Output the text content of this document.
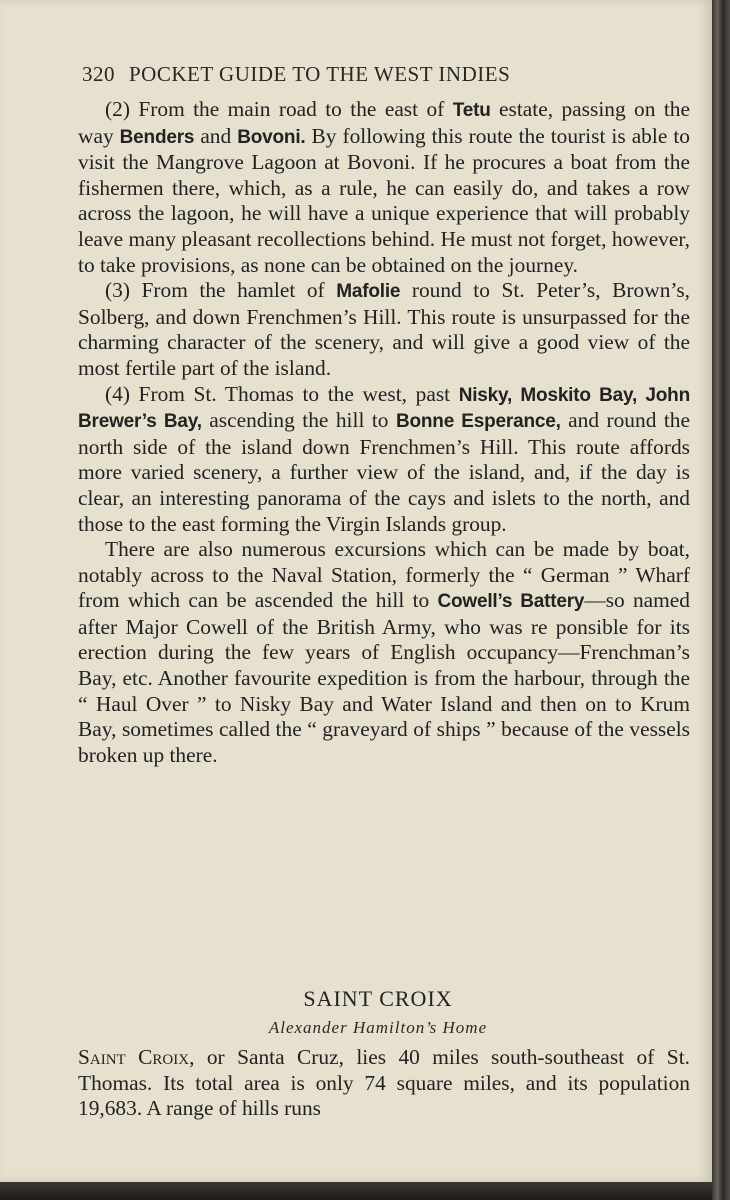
320 POCKET GUIDE TO THE WEST INDIES

(2) From the main road to the east of Tetu estate, passing on the way Benders and Bovoni. By following this route the tourist is able to visit the Mangrove Lagoon at Bovoni. If he procures a boat from the fishermen there, which, as a rule, he can easily do, and takes a row across the lagoon, he will have a unique experience that will probably leave many pleasant recollections behind. He must not forget, however, to take provisions, as none can be obtained on the journey.

(3) From the hamlet of Mafolie round to St. Peter’s, Brown’s, Solberg, and down Frenchmen’s Hill. This route is unsurpassed for the charming character of the scenery, and will give a good view of the most fertile part of the island.

(4) From St. Thomas to the west, past Nisky, Moskito Bay, John Brewer’s Bay, ascending the hill to Bonne Esperance, and round the north side of the island down Frenchmen’s Hill. This route affords more varied scenery, a further view of the island, and, if the day is clear, an interesting panorama of the cays and islets to the north, and those to the east forming the Virgin Islands group.

There are also numerous excursions which can be made by boat, notably across to the Naval Station, formerly the “ German ” Wharf from which can be ascended the hill to Cowell’s Battery—so named after Major Cowell of the British Army, who was re ponsible for its erection during the few years of English occupancy—Frenchman’s Bay, etc. Another favourite expedition is from the harbour, through the “ Haul Over ” to Nisky Bay and Water Island and then on to Krum Bay, sometimes called the “ graveyard of ships ” because of the vessels broken up there.

SAINT CROIX
Alexander Hamilton’s Home

Saint Croix, or Santa Cruz, lies 40 miles south-southeast of St. Thomas. Its total area is only 74 square miles, and its population 19,683. A range of hills runs
